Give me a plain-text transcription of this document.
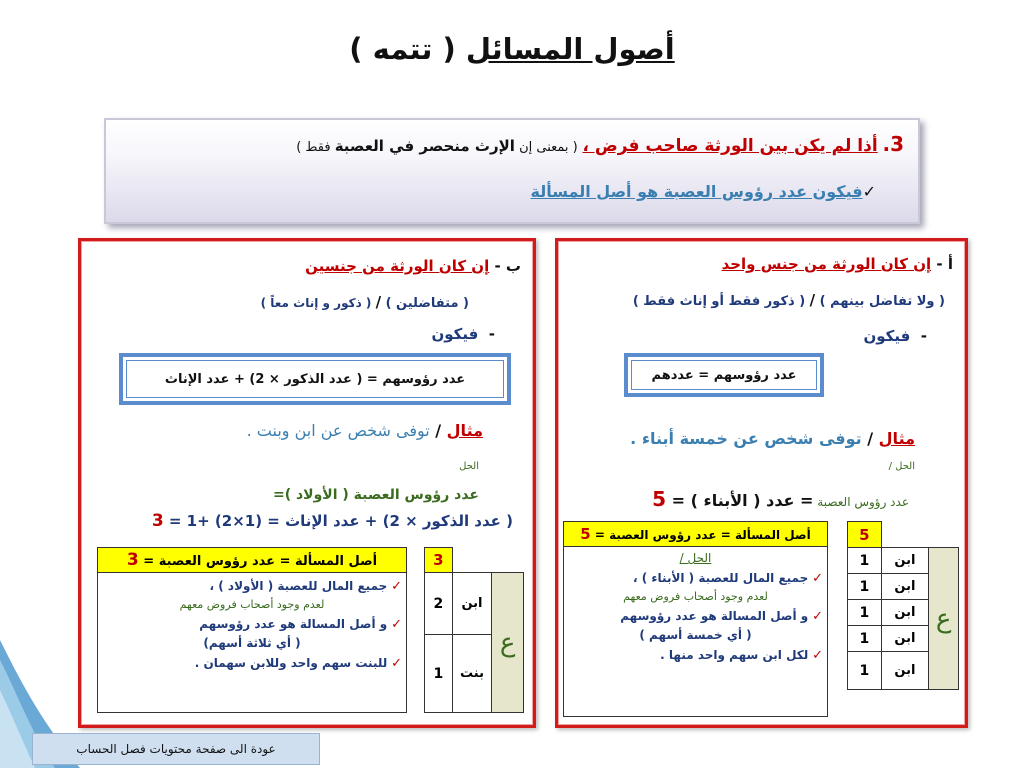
أصول المسائل ( تتمه )
3. أذا لم يكن بين الورثة صاحب فرض ، ( بمعنى إن الإرث منحصر في العصبة فقط )
✓فيكون عدد رؤوس العصبة هو أصل المسألة
أ - إن كان الورثة من جنس واحد
( ولا تفاضل بينهم ) / ( ذكور فقط أو إناث فقط )
-  فيكون
عدد رؤوسهم = عددهم
مثال / توفى شخص عن خمسة أبناء .
الحل /
عدد رؤوس العصبة = عدد ( الأبناء ) = 5
أصل المسألة = عدد رؤوس العصبة = 5

الحل /
✓ جميع المال للعصبة ( الأبناء ) ،
لعدم وجود أصحاب فروض معهم
✓ و أصل المسالة هو عدد رؤوسهم
( أي خمسة أسهم )
✓ لكل ابن سهم واحد منها .
5		
1	ابن	ع
1	ابن	
1	ابن	
1	ابن	
1	ابن	
ب - إن كان الورثة من جنسين
( متفاضلين ) / ( ذكور و إناث معاً )
-  فيكون
عدد رؤوسهم = ( عدد الذكور × 2) + عدد الإناث
مثال / توفى شخص عن ابن وبنت .
الحل
عدد رؤوس العصبة ( الأولاد )=
( عدد الذكور × 2) + عدد الإناث = (1×2) +1 = 3
أصل المسألة = عدد رؤوس العصبة = 3

✓ جميع المال للعصبة ( الأولاد ) ،
لعدم وجود أصحاب فروض معهم
✓ و أصل المسالة هو عدد رؤوسهم
( أي ثلاثة أسهم)
✓ للبنت سهم واحد وللابن سهمان .
3		
2	ابن	ع
1	بنت	
عودة الى صفحة محتويات فصل الحساب
